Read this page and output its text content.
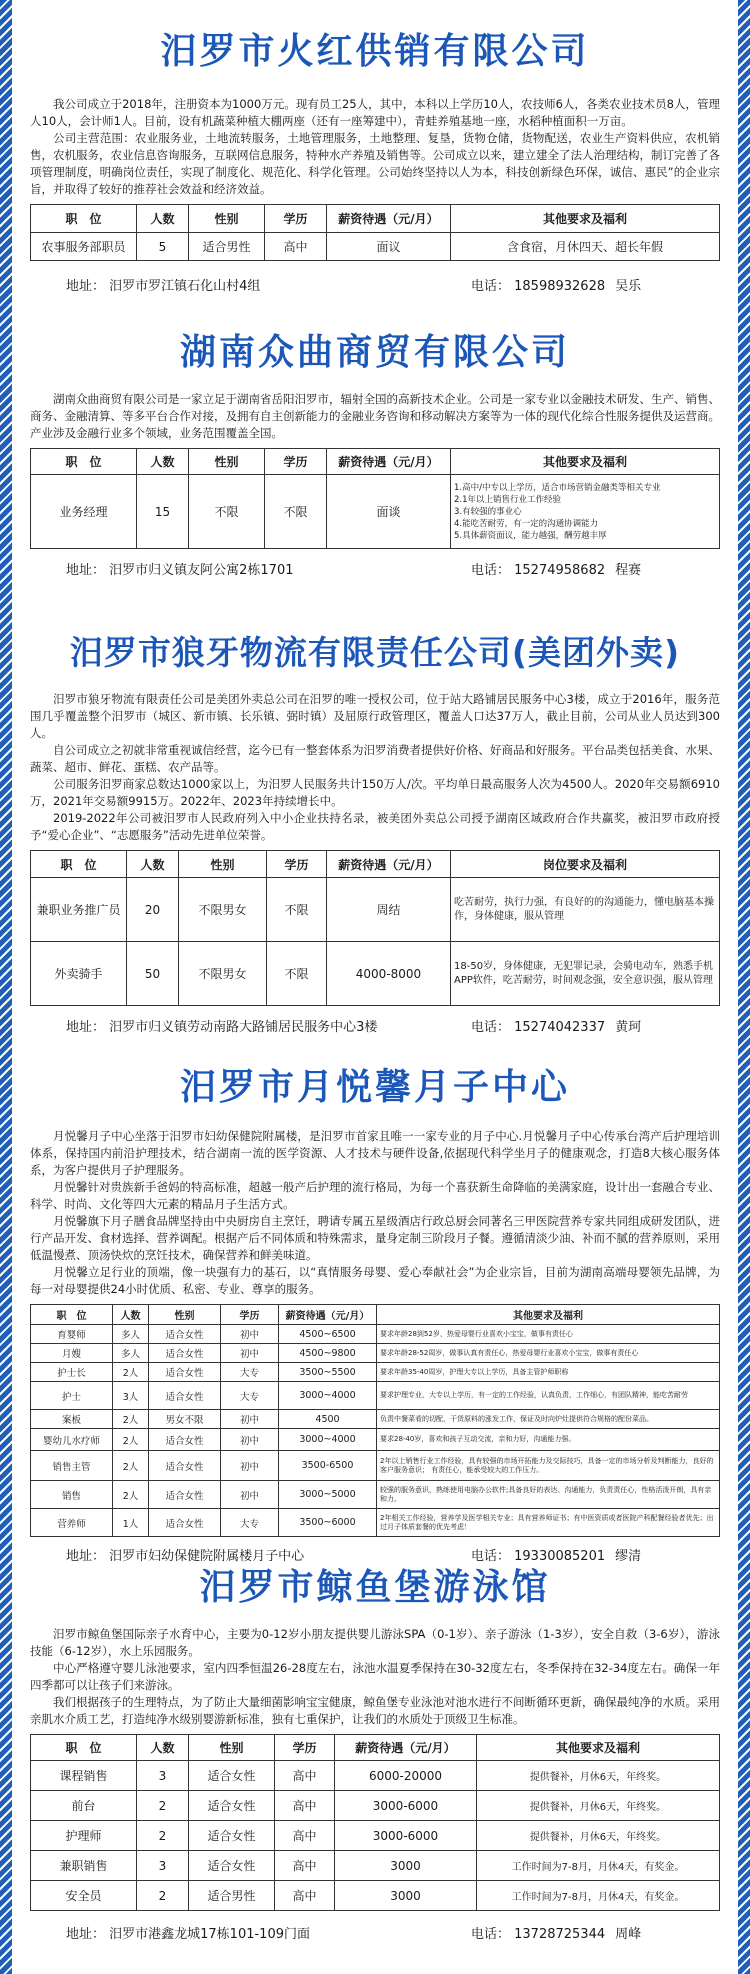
汨罗市火红供销有限公司

我公司成立于2018年，注册资本为1000万元。现有员工25人，其中，本科以上学历10人，农技师6人，各类农业技术员8人，管理人10人，会计师1人。目前，设有机蔬菜种植大棚两座（还有一座筹建中），青蛙养殖基地一座，水稻种植面积一万亩。

公司主营范围：农业服务业，土地流转服务，土地管理服务，土地整理、复垦，货物仓储，货物配送，农业生产资料供应，农机销售，农机服务，农业信息咨询服务，互联网信息服务，特种水产养殖及销售等。公司成立以来，建立建全了法人治理结构，制订完善了各项管理制度，明确岗位责任，实现了制度化、规范化、科学化管理。公司始终坚持以人为本，科技创新绿色环保，诚信、惠民”的企业宗旨，并取得了较好的推荐社会效益和经济效益。

职　位	人数	性别	学历	薪资待遇（元/月）	其他要求及福利
农事服务部职员	5	适合男性	高中	面议	含食宿，月休四天、超长年假
地址： 汨罗市罗江镇石化山村4组	电话： 18598932628 吴乐
湖南众曲商贸有限公司

湖南众曲商贸有限公司是一家立足于湖南省岳阳汨罗市，辐射全国的高新技术企业。公司是一家专业以金融技术研发、生产、销售、商务、金融清算、等多平台合作对接，及拥有自主创新能力的金融业务咨询和移动解决方案等为一体的现代化综合性服务提供及运营商。产业涉及金融行业多个领域，业务范围覆盖全国。

职　位	人数	性别	学历	薪资待遇（元/月）	其他要求及福利
业务经理	15	不限	不限	面谈	1.高中/中专以上学历，适合市场营销金融类等相关专业
2.1年以上销售行业工作经验
3.有较强的事业心
4.能吃苦耐劳，有一定的沟通协调能力
5.具体薪资面议，能力越强，酬劳越丰厚
地址： 汨罗市归义镇友阿公寓2栋1701	电话： 15274958682 程赛
汨罗市狼牙物流有限责任公司(美团外卖)

汨罗市狼牙物流有限责任公司是美团外卖总公司在汨罗的唯一授权公司，位于站大路铺居民服务中心3楼，成立于2016年，服务范围几乎覆盖整个汨罗市（城区、新市镇、长乐镇、弼时镇）及屈原行政管理区，覆盖人口达37万人，截止目前，公司从业人员达到300人。

自公司成立之初就非常重视诚信经营，迄今已有一整套体系为汨罗消费者提供好价格、好商品和好服务。平台品类包括美食、水果、蔬菜、超市、鲜花、蛋糕、农产品等。

公司服务汨罗商家总数达1000家以上，为汨罗人民服务共计150万人/次。平均单日最高服务人次为4500人。2020年交易额6910万，2021年交易额9915万。2022年、2023年持续增长中。

2019-2022年公司被汨罗市人民政府列入中小企业扶持名录，被美团外卖总公司授予湖南区域政府合作共赢奖，被汨罗市政府授予“爱心企业”、“志愿服务”活动先进单位荣誉。

职　位	人数	性别	学历	薪资待遇（元/月）	岗位要求及福利
兼职业务推广员	20	不限男女	不限	周结	吃苦耐劳，执行力强，有良好的的沟通能力，懂电脑基本操作，身体健康，服从管理
外卖骑手	50	不限男女	不限	4000-8000	18-50岁，身体健康，无犯罪记录，会骑电动车，熟悉手机APP软件，吃苦耐劳，时间观念强，安全意识强，服从管理
地址： 汨罗市归义镇劳动南路大路铺居民服务中心3楼	电话： 15274042337 黄珂
汨罗市月悦馨月子中心

月悦馨月子中心坐落于汨罗市妇幼保健院附属楼，是汨罗市首家且唯一一家专业的月子中心.月悦馨月子中心传承台湾产后护理培训体系，保持国内前沿护理技术，结合湖南一流的医学资源、人才技术与硬件设备,依据现代科学坐月子的健康观念，打造8大核心服务体系，为客户提供月子护理服务。

月悦馨针对贵族新手爸妈的特高标准，超越一般产后护理的流行格局，为每一个喜获新生命降临的美满家庭，设计出一套融合专业、科学、时尚、文化等四大元素的精品月子生活方式。

月悦馨旗下月子膳食品牌坚持由中央厨房自主烹饪，聘请专属五星级酒店行政总厨会同著名三甲医院营养专家共同组成研发团队，进行产品开发、食材选择、营养调配。根据产后不同体质和特殊需求，量身定制三阶段月子餐。遵循清淡少油、补而不腻的营养原则，采用低温慢煮、顶汤快炊的烹饪技术，确保营养和鲜美味道。

月悦馨立足行业的顶端，像一块强有力的基石，以“真情服务母婴、爱心奉献社会”为企业宗旨，目前为湖南高端母婴领先品牌，为每一对母婴提供24小时优质、私密、专业、尊享的服务。

职　位	人数	性别	学历	薪资待遇（元/月）	其他要求及福利
育婴师	多人	适合女性	初中	4500~6500	要求年龄28到52岁，热爱母婴行业喜欢小宝宝，做事有责任心
月嫂	多人	适合女性	初中	4500~9800	要求年龄28-52周岁，做事认真有责任心，热爱母婴行业喜欢小宝宝，做事有责任心
护士长	2人	适合女性	大专	3500~5500	要求年龄35-40周岁，护理大专以上学历，具备主管护师职称
护士	3人	适合女性	大专	3000~4000	要求护理专业，大专以上学历，有一定的工作经验，认真负责，工作细心，有团队精神，能吃苦耐劳
案板	2人	男女不限	初中	4500	负责中餐菜肴的切配，干货原料的涨发工作，保证及时向炉灶提供符合规格的配份菜品。
婴幼儿水疗师	2人	适合女性	初中	3000~4000	要求28-40岁，喜欢和孩子互动交流，亲和力好，沟通能力强。
销售主管	2人	适合女性	初中	3500-6500	2年以上销售行业工作经验，具有较强的市场开拓能力及交际技巧，具备一定的市场分析及判断能力，良好的客户服务意识； 有责任心，能承受较大的工作压力。
销售	2人	适合女性	初中	3000~5000	较强的服务意识，熟练使用电脑办公软件;具备良好的表达、沟通能力，负责责任心，性格活泼开朗，具有亲和力。
营养师	1人	适合女性	大专	3500~6000	2年相关工作经验，营养学及医学相关专业；具有营养师证书；有中医资质或者医院产科配餐经验者优先；出过月子体质套餐的优先考虑！
地址： 汨罗市妇幼保健院附属楼月子中心	电话： 19330085201 缪清
汨罗市鲸鱼堡游泳馆

汨罗市鲸鱼堡国际亲子水育中心，主要为0-12岁小朋友提供婴儿游泳SPA（0-1岁）、亲子游泳（1-3岁），安全自救（3-6岁），游泳技能（6-12岁），水上乐园服务。

中心严格遵守婴儿泳池要求，室内四季恒温26-28度左右，泳池水温夏季保持在30-32度左右，冬季保持在32-34度左右。确保一年四季都可以让孩子们来游泳。

我们根据孩子的生理特点，为了防止大量细菌影响宝宝健康，鲸鱼堡专业泳池对池水进行不间断循环更新，确保最纯净的水质。采用亲肌水介质工艺，打造纯净水级别婴游新标准，独有七重保护，让我们的水质处于顶级卫生标准。

职　位	人数	性别	学历	薪资待遇（元/月）	其他要求及福利
课程销售	3	适合女性	高中	6000-20000	提供餐补，月休6天，年终奖。
前台	2	适合女性	高中	3000-6000	提供餐补，月休6天，年终奖。
护理师	2	适合女性	高中	3000-6000	提供餐补，月休6天，年终奖。
兼职销售	3	适合女性	高中	3000	工作时间为7-8月，月休4天，有奖金。
安全员	2	适合男性	高中	3000	工作时间为7-8月，月休4天，有奖金。
地址： 汨罗市港鑫龙城17栋101-109门面	电话： 13728725344 周峰
